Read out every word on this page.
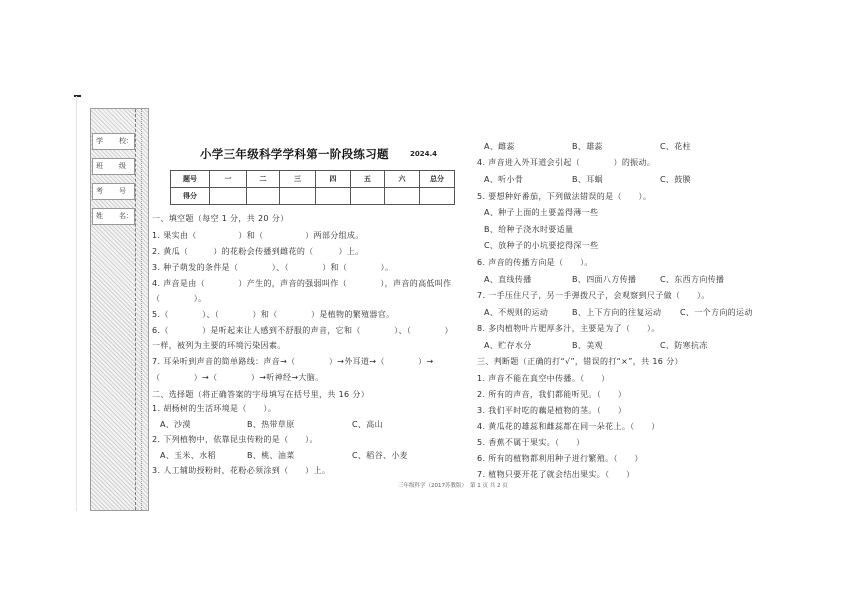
学 校：
班 级
考 号
姓 名：
小学三年级科学学科第一阶段练习题	2024.4
题号	一	二	三	四	五	六	总分
得分							
一、填空题（每空 1 分，共 20 分）
1. 果实由（　　　　　）和（　　　　　）两部分组成。
2. 黄瓜（　　　）的花粉会传播到雌花的（　　　）上。
3. 种子萌发的条件是（　　　　）、（　　　　）和（　　　　）。
4. 声音是由（　　　　）产生的，声音的强弱叫作（　　　　），声音的高低叫作
（　　　　）。
5.（　　　　）、（　　　　）和（　　　　）是植物的繁殖器官。
6.（　　　　）是听起来让人感到不舒服的声音，它和（　　　　）、（　　　　）
一样，被列为主要的环境污染因素。
7. 耳朵听到声音的简单路线：声音→（　　　　）→外耳道→（　　　　）→
（　　　　）→（　　　　）→听神经→大脑。
二、选择题（将正确答案的字母填写在括号里，共 16 分）
1. 胡杨树的生活环境是（　　）。
A、沙漠	B、热带草原	C、高山
2. 下列植物中，依靠昆虫传粉的是（　　）。
A、玉米、水稻	B、桃、油菜	C、稻谷、小麦
3. 人工辅助授粉时，花粉必须涂到（　　）上。
A、雌蕊	B、雄蕊	C、花柱
4. 声音进入外耳道会引起（　　　　）的振动。
A、听小骨	B、耳蜗	C、鼓膜
5. 要想种好番茄，下列做法错误的是（　　）。
A、种子上面的土要盖得薄一些
B、给种子浇水时要适量
C、放种子的小坑要挖得深一些
6. 声音的传播方向是（　　）。
A、直线传播	B、四面八方传播	C、东西方向传播
7. 一手压住尺子，另一手弹拨尺子，会观察到尺子做（　　）。
A、不规则的运动	B、上下方向的往复运动 C、一个方向的运动
8. 多肉植物叶片肥厚多汁，主要是为了（　　）。
A、贮存水分	B、美观	C、防寒抗冻
三、判断题（正确的打“√”，错误的打“×”，共 16 分）
1. 声音不能在真空中传播。（　　）
2. 所有的声音，我们都能听见。（　　）
3. 我们平时吃的藕是植物的茎。（　　）
4. 黄瓜花的雄蕊和雌蕊都在同一朵花上。（　　）
5. 香蕉不属于果实。（　　）
6. 所有的植物都利用种子进行繁殖。（　　）
7. 植物只要开花了就会结出果实。（　　）
三年级科学（2017苏教版） 第 1 页 共 2 页
